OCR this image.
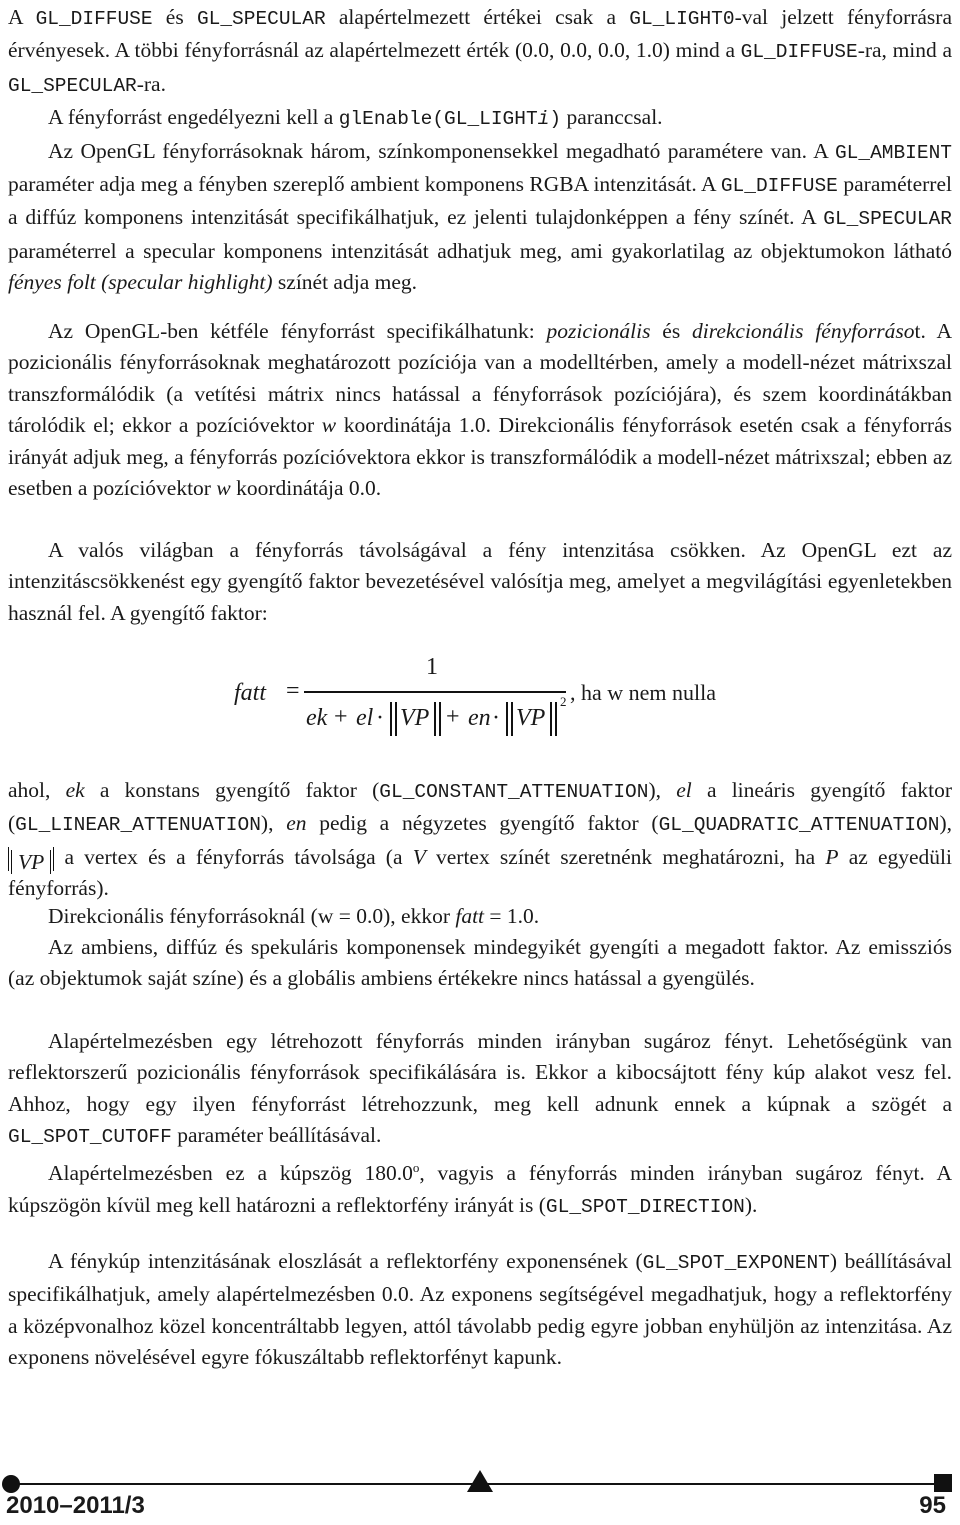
A GL_DIFFUSE és GL_SPECULAR alapértelmezett értékei csak a GL_LIGHT0-val jelzett fényforrásra érvényesek. A többi fényforrásnál az alapértelmezett érték (0.0, 0.0, 0.0, 1.0) mind a GL_DIFFUSE-ra, mind a GL_SPECULAR-ra.
A fényforrást engedélyezni kell a glEnable(GL_LIGHTi) paranccsal.
Az OpenGL fényforrásoknak három, színkomponensekkel megadható paramétere van. A GL_AMBIENT paraméter adja meg a fényben szereplő ambient komponens RGBA intenzitását. A GL_DIFFUSE paraméterrel a diffúz komponens intenzitását specifikálhatjuk, ez jelenti tulajdonképpen a fény színét. A GL_SPECULAR paraméterrel a specular komponens intenzitását adhatjuk meg, ami gyakorlatilag az objektumokon látható fényes folt (specular highlight) színét adja meg.

Az OpenGL-ben kétféle fényforrást specifikálhatunk: pozicionális és direkcionális fényforrásot. A pozicionális fényforrásoknak meghatározott pozíciója van a modelltérben, amely a modell-nézet mátrixszal transzformálódik (a vetítési mátrix nincs hatással a fényforrások pozíciójára), és szem koordinátákban tárolódik el; ekkor a pozícióvektor w koordinátája 1.0. Direkcionális fényforrások esetén csak a fényforrás irányát adjuk meg, a fényforrás pozícióvektora ekkor is transzformálódik a modell-nézet mátrixszal; ebben az esetben a pozícióvektor w koordinátája 0.0.

A valós világban a fényforrás távolságával a fény intenzitása csökken. Az OpenGL ezt az intenzitáscsökkenést egy gyengítő faktor bevezetésével valósítja meg, amelyet a megvilágítási egyenletekben használ fel. A gyengítő faktor:

fatt =
1
ek + el · ‖ VP ‖ + en · ‖ VP ‖
2 , ha w nem nulla

ahol, ek a konstans gyengítő faktor (GL_CONSTANT_ATTENUATION), el a lineáris gyengítő faktor (GL_LINEAR_ATTENUATION), en pedig a négyzetes gyengítő faktor (GL_QUADRATIC_ATTENUATION), VP a vertex és a fényforrás távolsága (a V vertex színét szeretnénk meghatározni, ha P az egyedüli fényforrás).

Direkcionális fényforrásoknál (w = 0.0), ekkor fatt = 1.0.

Az ambiens, diffúz és spekuláris komponensek mindegyikét gyengíti a megadott faktor. Az emissziós (az objektumok saját színe) és a globális ambiens értékekre nincs hatással a gyengülés.

Alapértelmezésben egy létrehozott fényforrás minden irányban sugároz fényt. Lehetőségünk van reflektorszerű pozicionális fényforrások specifikálására is. Ekkor a kibocsájtott fény kúp alakot vesz fel. Ahhoz, hogy egy ilyen fényforrást létrehozzunk, meg kell adnunk ennek a kúpnak a szögét a GL_SPOT_CUTOFF paraméter beállításával.

Alapértelmezésben ez a kúpszög 180.0$^o$, vagyis a fényforrás minden irányban sugároz fényt. A kúpszögön kívül meg kell határozni a reflektorfény irányát is (GL_SPOT_DIRECTION).

A fénykúp intenzitásának eloszlását a reflektorfény exponensének (GL_SPOT_EXPONENT) beállításával specifikálhatjuk, amely alapértelmezésben 0.0. Az exponens segítségével megadhatjuk, hogy a reflektorfény a középvonalhoz közel koncentráltabb legyen, attól távolabb pedig egyre jobban enyhüljön az intenzitása. Az exponens növelésével egyre fókuszáltabb reflektorfényt kapunk.

2010–2011/3	95
